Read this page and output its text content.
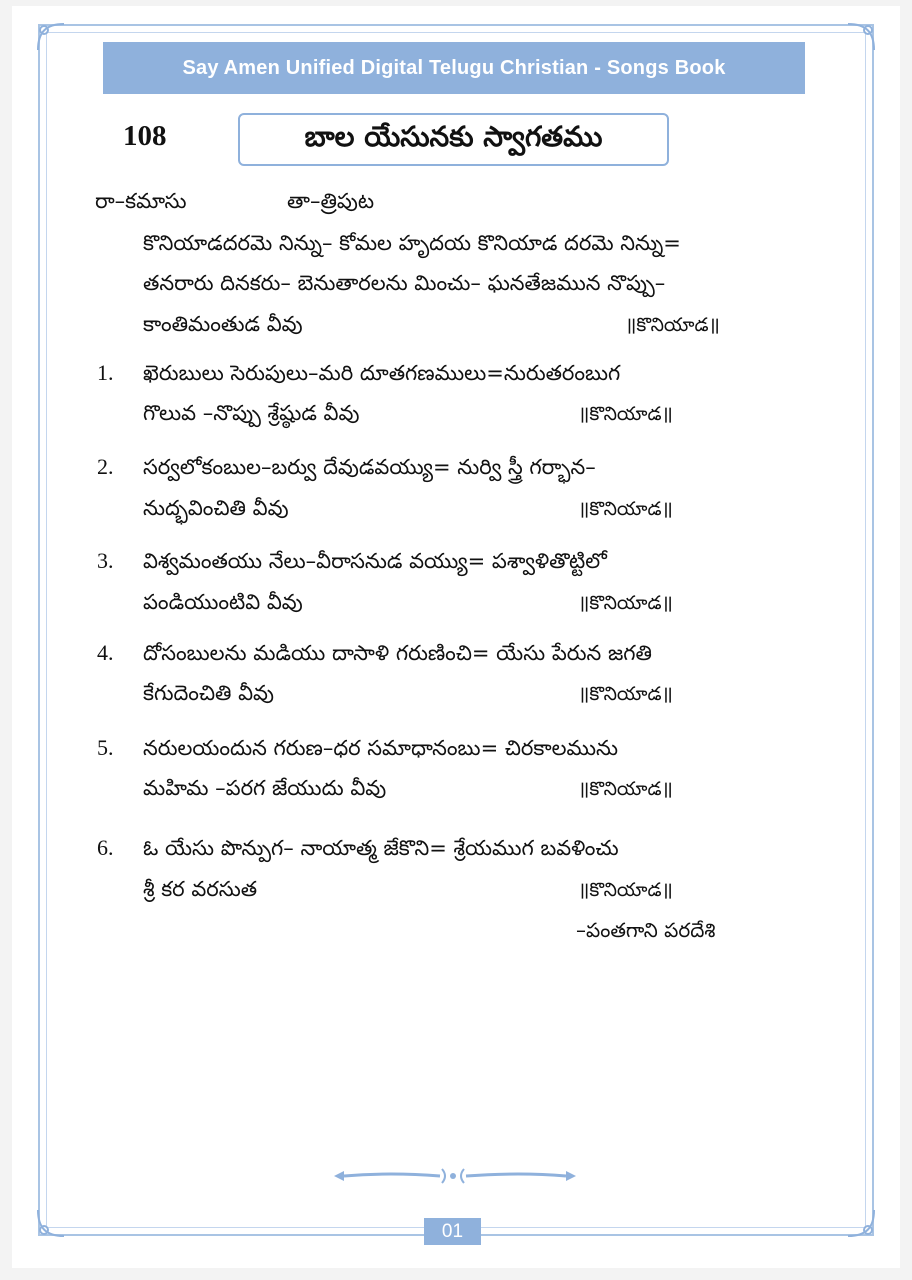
Say Amen Unified Digital Telugu Christian - Songs Book
108	బాల యేసునకు స్వాగతము
రా–కమాసు	తా–త్రిపుట
కొనియాడదరమె నిన్ను– కోమల హృదయ కొనియాడ దరమె నిన్ను=
తనరారు దినకరు– బెనుతారలను మించు– ఘనతేజమున నొప్పు–
కాంతిమంతుడ వీవు	॥కొనియాడ॥
1. ఖెరుబులు సెరుపులు–మరి దూతగణములు=నురుతరంబుగ
గొలువ –నొప్పు శ్రేష్ఠుడ వీవు	॥కొనియాడ॥
2. సర్వలోకంబుల–బర్వు దేవుడవయ్యు= నుర్వి స్త్రీ గర్భాన–
నుద్భవించితి వీవు	॥కొనియాడ॥
3. విశ్వమంతయు నేలు–వీరాసనుడ వయ్యు= పశ్వాళితొట్టిలో
పండియుంటివి వీవు	॥కొనియాడ॥
4. దోసంబులను మడియు దాసాళి గరుణించి= యేసు పేరున జగతి
కేగుదెంచితి వీవు	॥కొనియాడ॥
5. నరులయందున గరుణ–ధర సమాధానంబు= చిరకాలమును
మహిమ –పరగ జేయుదు వీవు	॥కొనియాడ॥
6. ఓ యేసు పొన్పుగ– నాయాత్మ జేకొని= శ్రేయముగ బవళించు
శ్రీ కర వరసుత	॥కొనియాడ॥
–పంతగాని పరదేశి
01
